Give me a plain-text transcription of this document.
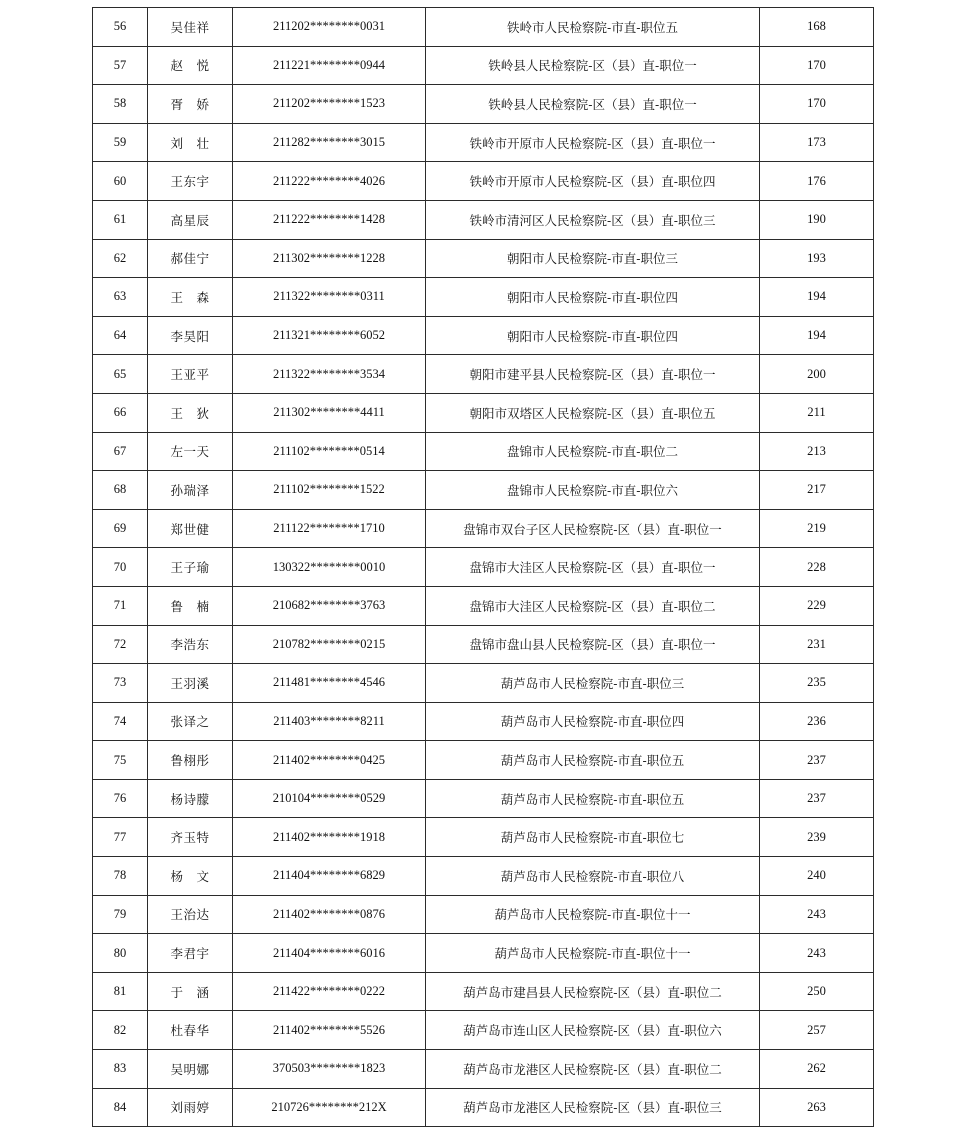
56	吴佳祥	211202********0031	铁岭市人民检察院-市直-职位五	168
57	赵　悦	211221********0944	铁岭县人民检察院-区（县）直-职位一	170
58	胥　娇	211202********1523	铁岭县人民检察院-区（县）直-职位一	170
59	刘　壮	211282********3015	铁岭市开原市人民检察院-区（县）直-职位一	173
60	王东宇	211222********4026	铁岭市开原市人民检察院-区（县）直-职位四	176
61	高星辰	211222********1428	铁岭市清河区人民检察院-区（县）直-职位三	190
62	郝佳宁	211302********1228	朝阳市人民检察院-市直-职位三	193
63	王　森	211322********0311	朝阳市人民检察院-市直-职位四	194
64	李昊阳	211321********6052	朝阳市人民检察院-市直-职位四	194
65	王亚平	211322********3534	朝阳市建平县人民检察院-区（县）直-职位一	200
66	王　狄	211302********4411	朝阳市双塔区人民检察院-区（县）直-职位五	211
67	左一天	211102********0514	盘锦市人民检察院-市直-职位二	213
68	孙瑞泽	211102********1522	盘锦市人民检察院-市直-职位六	217
69	郑世健	211122********1710	盘锦市双台子区人民检察院-区（县）直-职位一	219
70	王子瑜	130322********0010	盘锦市大洼区人民检察院-区（县）直-职位一	228
71	鲁　楠	210682********3763	盘锦市大洼区人民检察院-区（县）直-职位二	229
72	李浩东	210782********0215	盘锦市盘山县人民检察院-区（县）直-职位一	231
73	王羽溪	211481********4546	葫芦岛市人民检察院-市直-职位三	235
74	张译之	211403********8211	葫芦岛市人民检察院-市直-职位四	236
75	鲁栩彤	211402********0425	葫芦岛市人民检察院-市直-职位五	237
76	杨诗朦	210104********0529	葫芦岛市人民检察院-市直-职位五	237
77	齐玉特	211402********1918	葫芦岛市人民检察院-市直-职位七	239
78	杨　文	211404********6829	葫芦岛市人民检察院-市直-职位八	240
79	王治达	211402********0876	葫芦岛市人民检察院-市直-职位十一	243
80	李君宇	211404********6016	葫芦岛市人民检察院-市直-职位十一	243
81	于　涵	211422********0222	葫芦岛市建昌县人民检察院-区（县）直-职位二	250
82	杜春华	211402********5526	葫芦岛市连山区人民检察院-区（县）直-职位六	257
83	吴明娜	370503********1823	葫芦岛市龙港区人民检察院-区（县）直-职位二	262
84	刘雨婷	210726********212X	葫芦岛市龙港区人民检察院-区（县）直-职位三	263
